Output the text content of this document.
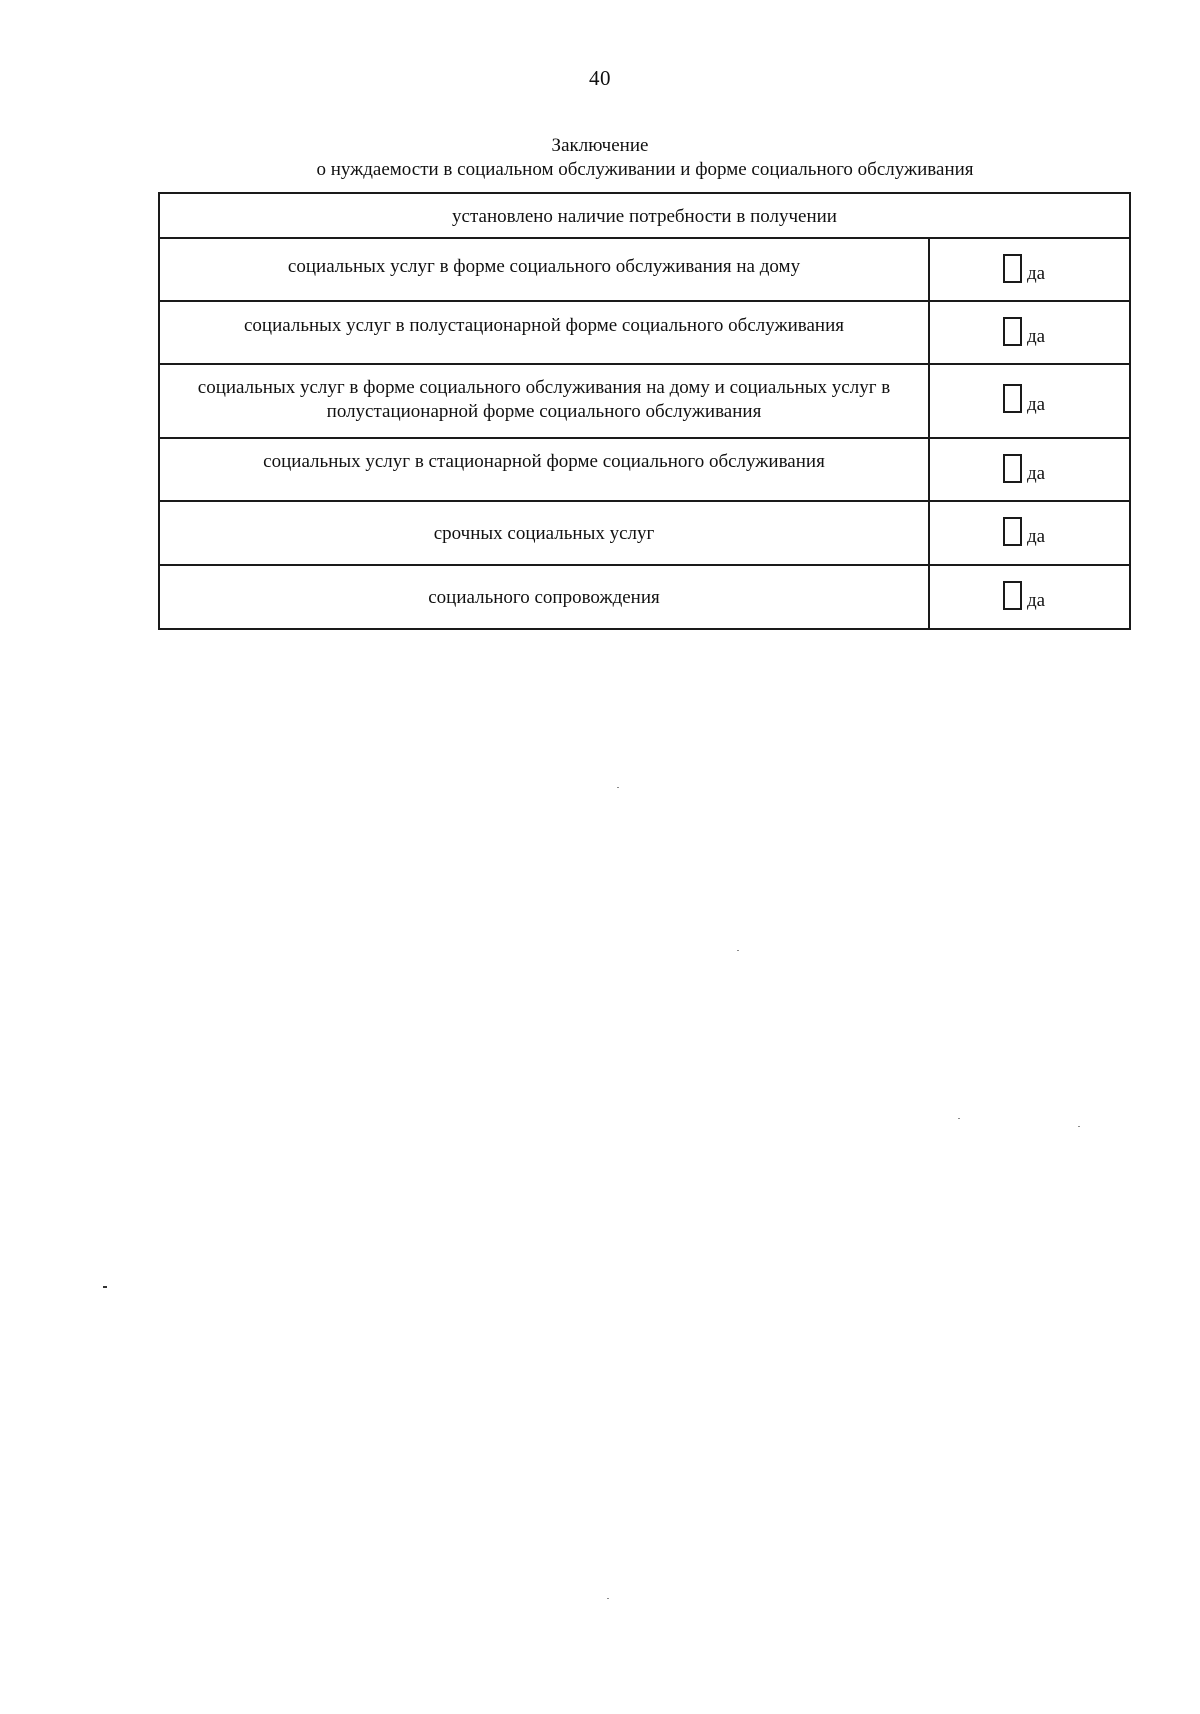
40
Заключение
о нуждаемости в социальном обслуживании и форме социального обслуживания
установлено наличие потребности в получении	

социальных услуг в форме социального обслуживания на дому	да

социальных услуг в полустационарной форме социального обслуживания	да

социальных услуг в форме социального обслуживания на дому и социальных услуг в полустационарной форме социального обслуживания	да

социальных услуг в стационарной форме социального обслуживания	да

срочных социальных услуг	да

социального сопровождения	да
